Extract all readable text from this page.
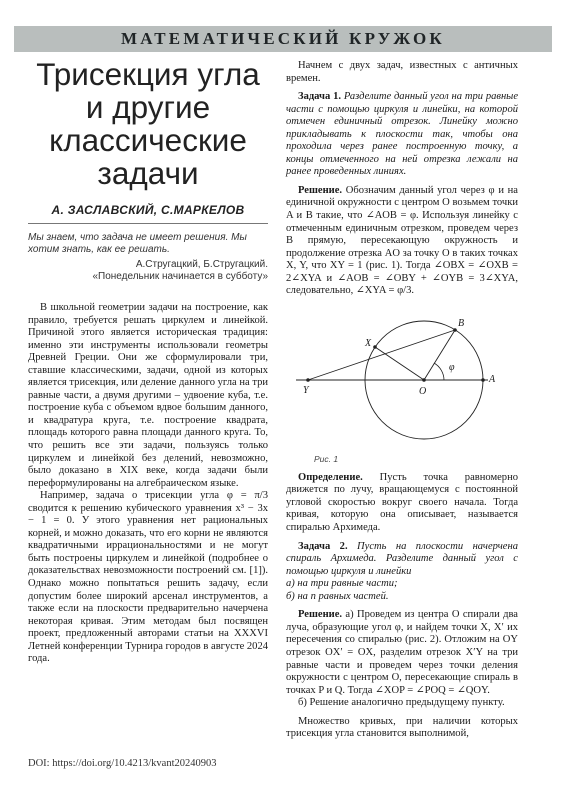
МАТЕМАТИЧЕСКИЙ КРУЖОК
Трисекция угла
и другие
классические
задачи
А. ЗАСЛАВСКИЙ, С.МАРКЕЛОВ
Мы знаем, что задача не имеет решения. Мы хотим знать, как ее решать.
А.Стругацкий, Б.Стругацкий.
«Понедельник начинается в субботу»

В школьной геометрии задачи на построение, как правило, требуется решать циркулем и линейкой. Причиной этого является историческая традиция: именно эти инструменты использовали геометры Древней Греции. Они же сформулировали три, ставшие классическими, задачи, одной из которых является трисекция, или деление данного угла на три равные части, а двумя другими – удвоение куба, т.е. построение куба с объемом вдвое большим данного, и квадратура круга, т.е. построение квадрата, площадь которого равна площади данного круга. То, что решить все эти задачи, пользуясь только циркулем и линейкой без делений, невозможно, было доказано в XIX веке, когда задачи были переформулированы на алгебраическом языке.

Например, задача о трисекции угла φ = π/3 сводится к решению кубического уравнения x³ − 3x − 1 = 0. У этого уравнения нет рациональных корней, и можно доказать, что его корни не являются квадратичными иррациональностями и не могут быть построены циркулем и линейкой (подробнее о доказательствах невозможности построений см. [1]). Однако можно попытаться решить задачу, если допустим более широкий арсенал инструментов, а также если на плоскости предварительно начерчена некоторая кривая. Этим методам был посвящен проект, предложенный авторами статьи на XXXVI Летней конференции Турнира городов в августе 2024 года.

DOI: https://doi.org/10.4213/kvant20240903

Начнем с двух задач, известных с античных времен.

Задача 1. Разделите данный угол на три равные части с помощью циркуля и линейки, на которой отмечен единичный отрезок. Линейку можно прикладывать к плоскости так, чтобы она проходила через ранее построенную точку, а концы отмеченного на ней отрезка лежали на ранее проведенных линиях.

Решение. Обозначим данный угол через φ и на единичной окружности с центром O возьмем точки A и B такие, что ∠AOB = φ. Используя линейку с отмеченным единичным отрезком, проведем через B прямую, пересекающую окружность и продолжение отрезка AO за точку O в таких точках X, Y, что XY = 1 (рис. 1). Тогда ∠OBX = ∠OXB = 2∠XYA и ∠AOB = ∠OBY + ∠OYB = 3∠XYA, следовательно, ∠XYA = φ/3.

B
X
Y	O
A
φ
Рис. 1

Определение. Пусть точка равномерно движется по лучу, вращающемуся с постоянной угловой скоростью вокруг своего начала. Тогда кривая, которую она описывает, называется спиралью Архимеда.

Задача 2. Пусть на плоскости начерчена спираль Архимеда. Разделите данный угол с помощью циркуля и линейки

а) на три равные части;

б) на n равных частей.

Решение. а) Проведем из центра O спирали два луча, образующие угол φ, и найдем точки X, X′ их пересечения со спиралью (рис. 2). Отложим на OY отрезок OX′ = OX, разделим отрезок X′Y на три равные части и проведем через точки деления окружности с центром O, пересекающие спираль в точках P и Q. Тогда ∠XOP = ∠POQ = ∠QOY.

б) Решение аналогично предыдущему пункту.

Множество кривых, при наличии которых трисекция угла становится выполнимой,
